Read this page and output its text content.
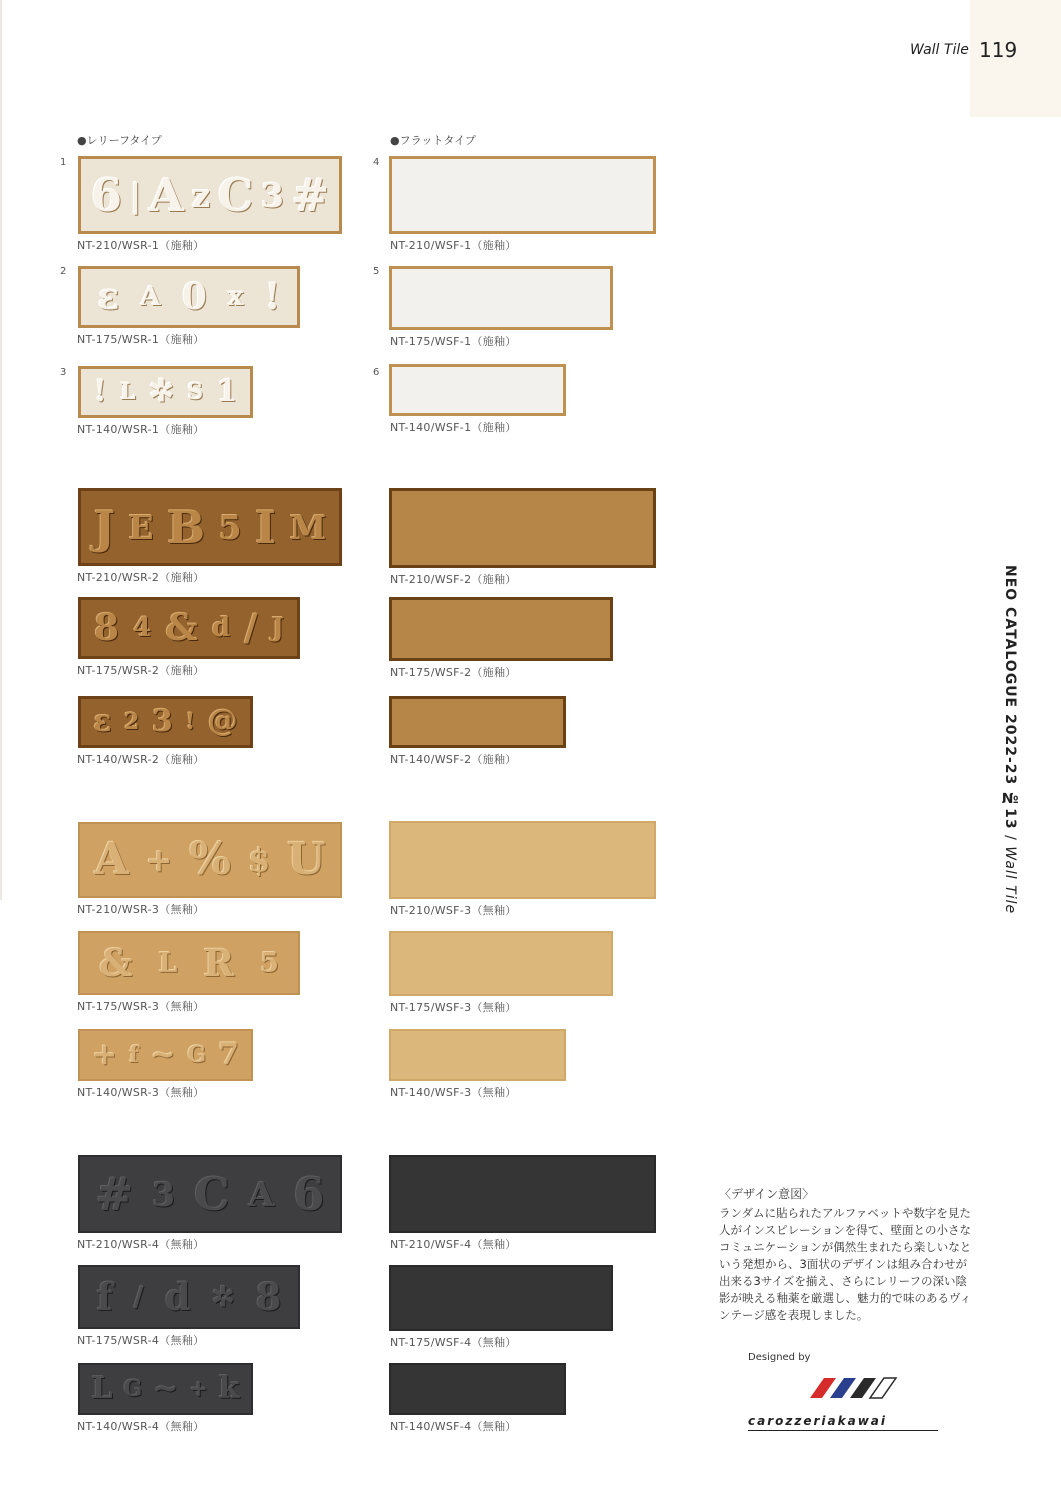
Wall Tile 119
NEO CATALOGUE 2022-23 №13 / Wall Tile
●レリーフタイプ	●フラットタイプ
1
2
3
4
5
6
6 | A z C 3 #
NT-210/WSR-1（施釉）
ε A 0 x !
NT-175/WSR-1（施釉）
! L ✲ S 1
NT-140/WSR-1（施釉）
J E B 5 I M
NT-210/WSR-2（施釉）
8 4 & d / J
NT-175/WSR-2（施釉）
ε 2 3 ! @
NT-140/WSR-2（施釉）
A + % $ U
NT-210/WSR-3（無釉）
& L R 5
NT-175/WSR-3（無釉）
+ f ~ G 7
NT-140/WSR-3（無釉）
# 3 C A 6
NT-210/WSR-4（無釉）
f / d ✲ 8
NT-175/WSR-4（無釉）
L G ~ + k
NT-140/WSR-4（無釉）
NT-210/WSF-1（施釉）
NT-175/WSF-1（施釉）
NT-140/WSF-1（施釉）
NT-210/WSF-2（施釉）
NT-175/WSF-2（施釉）
NT-140/WSF-2（施釉）
NT-210/WSF-3（無釉）
NT-175/WSF-3（無釉）
NT-140/WSF-3（無釉）
NT-210/WSF-4（無釉）
NT-175/WSF-4（無釉）
NT-140/WSF-4（無釉）
〈デザイン意図〉
ランダムに貼られたアルファベットや数字を見た人がインスピレーションを得て、壁面との小さなコミュニケーションが偶然生まれたら楽しいなという発想から、3面状のデザインは組み合わせが出来る3サイズを揃え、さらにレリーフの深い陰影が映える釉薬を厳選し、魅力的で味のあるヴィンテージ感を表現しました。
Designed by
carozzeriakawai
